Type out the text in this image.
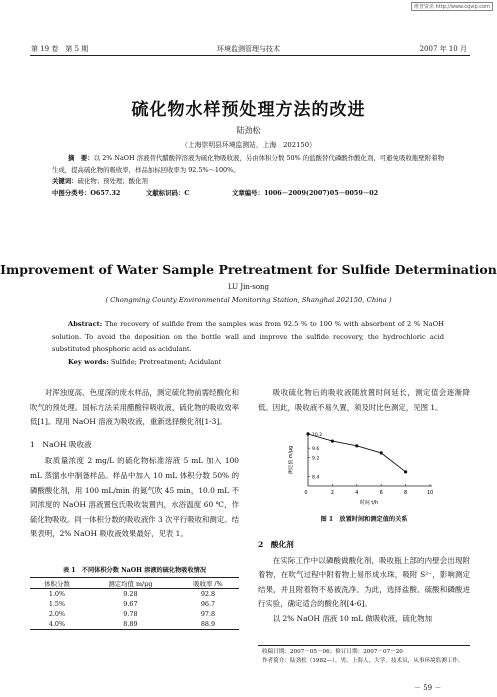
维普资讯 http://www.cqvip.com
第 19 卷　第 5 期	环境监测管理与技术	2007 年 10 月
硫化物水样预处理方法的改进
陆劲松
（上海崇明县环境监测站，上海　202150）
摘　要：以 2% NaOH 溶液替代醋酸锌溶液为硫化物吸收液，另由体积分数 50% 的盐酸替代磷酸作酸化剂，可避免吸收瓶壁附着物生成，提高硫化物的吸收率，样品加标回收率为 92.5%～100%。
关键词：硫化物；预处理；酸化剂
中图分类号：O657.32	文献标识码：C	文章编号：1006－2009(2007)05－0059－02
Improvement of Water Sample Pretreatment for Sulfide Determination
LU Jin-song
( Chongming County Environmental Monitoring Station, Shanghai 202150, China )
Abstract: The recovery of sulfide from the samples was from 92.5 % to 100 % with absorbent of 2 % NaOH solution. To avoid the deposition on the bottle wall and improve the sulfide recovery, the hydrochloric acid substituted phosphoric acid as acidulant.
Key words: Sulfide; Pretreatment; Acidulant

对浑浊度高、色度深的废水样品，测定硫化物前需经酸化和吹气的预处理。国标方法采用醋酸锌吸收液，硫化物的吸收效率低[1]。现用 NaOH 溶液为吸收液，重新选择酸化剂[1-3]。

1　NaOH 吸收液

取质量浓度 2 mg/L 的硫化物标准溶液 5 mL 加入 100 mL 蒸馏水中制备样品。样品中加入 10 mL 体积分数 50% 的磷酸酸化剂，用 100 mL/min 的氮气吹 45 min，10.0 mL 不同浓度的 NaOH 溶液置包氏吸收装置内，水浴温度 60 ℃，作硫化物吸收。同一体积分数的吸收液作 3 次平行吸收和测定。结果表明，2% NaOH 吸收液效果最好，见表 1。

表 1　不同体积分数 NaOH 溶液的硫化物吸收情况
体积分数	测定均值 m/μg	吸收率 /%
1.0%	9.28	92.8
1.5%	9.67	96.7
2.0%	9.78	97.8
4.0%	8.89	88.9

吸收硫化物后的吸收液随放置时间延长，测定值会逐渐降低。因此，吸收液不易久置，须及时比色测定，见图 1。

2	4	6	8	10
0
8.4
9.2
9.6
10.2
测定值 m/μg
时间 t/h
图 1　放置时间和测定值的关系

2　酸化剂

在实际工作中以磷酸做酸化剂，吸收瓶上部的内壁会出现附着物，在吹气过程中附着物上易形成水珠，吸附 S²⁻，影响测定结果，并且附着物不易被洗净。为此，选择盐酸、硫酸和磷酸进行实验，确定适合的酸化剂[4-6]。

以 2% NaOH 溶液 10 mL 做吸收液，硫化物加

收稿日期：2007－05－06；修订日期：2007－07－20
作者简介：陆劲松（1982—），男，上海人，大学，技术员，从事环境监测工作。
－ 59 －
